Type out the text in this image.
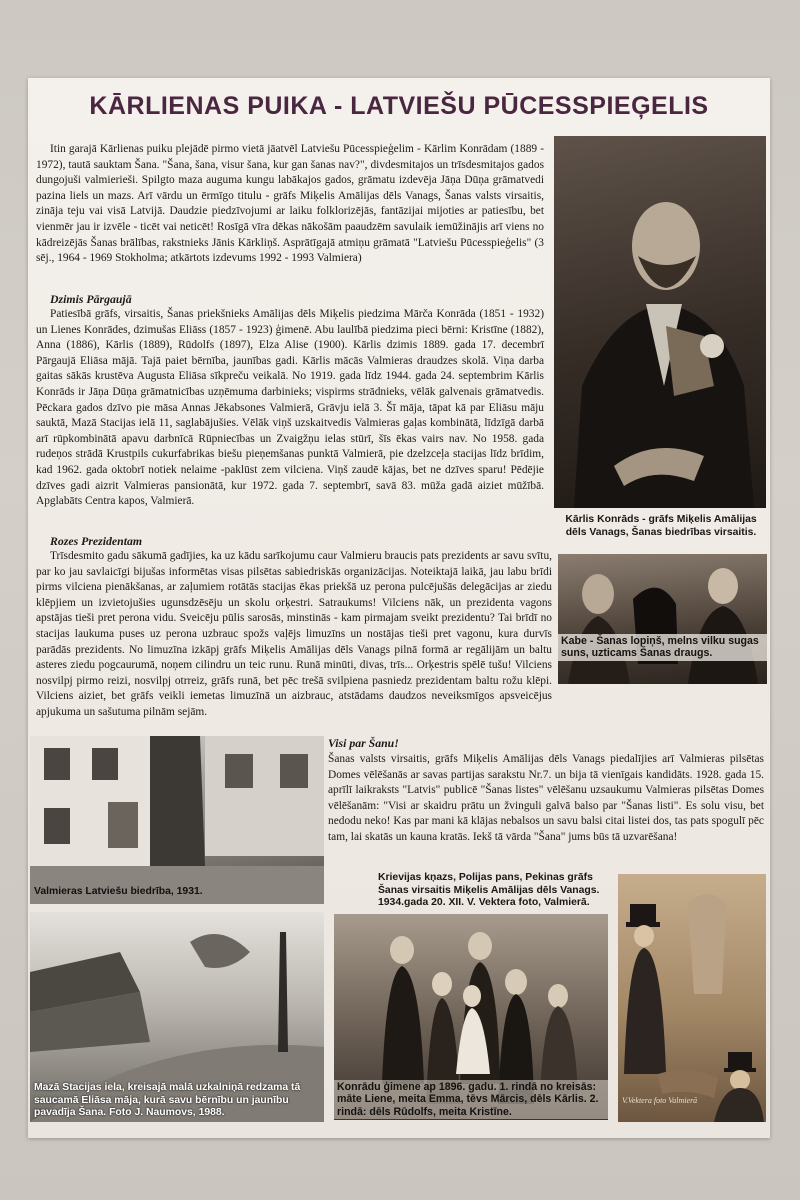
KĀRLIENAS PUIKA - LATVIEŠU PŪCESSPIEĢELIS

Itin garajā Kārlienas puiku plejādē pirmo vietā jāatvēl Latviešu Pūcesspieģelim - Kārlim Konrādam (1889 - 1972), tautā sauktam Šana. "Šana, šana, visur šana, kur gan šanas nav?", divdesmitajos un trīsdesmitajos gados dungojuši valmierieši. Spilgto maza auguma kungu labākajos gados, grāmatu izdevēja Jāņa Dūņa grāmatvedi pazina liels un mazs. Arī vārdu un ērmīgo titulu - grāfs Miķelis Amālijas dēls Vanags, Šanas valsts virsaitis, zināja teju vai visā Latvijā. Daudzie piedzīvojumi ar laiku folklorizējās, fantāzijai mijoties ar patiesību, bet vienmēr jau ir izvēle - ticēt vai neticēt! Rosīgā vīra dēkas nākošām paaudzēm savulaik iemūžinājis arī viens no kādreizējās Šanas brālības, rakstnieks Jānis Kārkliņš. Asprātīgajā atmiņu grāmatā "Latviešu Pūcesspieģelis" (3 sēj., 1964 - 1969 Stokholma; atkārtots izdevums 1992 - 1993 Valmiera)

Kārlis Konrāds - grāfs Miķelis Amālijas dēls Vanags, Šanas biedrības virsaitis.
Dzimis Pārgaujā

Patiesībā grāfs, virsaitis, Šanas priekšnieks Amālijas dēls Miķelis piedzima Mārča Konrāda (1851 - 1932) un Lienes Konrādes, dzimušas Eliāss (1857 - 1923) ģimenē. Abu laulībā piedzima pieci bērni: Kristīne (1882), Anna (1886), Kārlis (1889), Rūdolfs (1897), Elza Alise (1900). Kārlis dzimis 1889. gada 17. decembrī Pārgaujā Eliāsa mājā. Tajā paiet bērnība, jaunības gadi. Kārlis mācās Valmieras draudzes skolā. Viņa darba gaitas sākās krustēva Augusta Eliāsa sīkpreču veikalā. No 1919. gada līdz 1944. gada 24. septembrim Kārlis Konrāds ir Jāņa Dūņa grāmatnicības uzņēmuma darbinieks; vispirms strādnieks, vēlāk galvenais grāmatvedis. Pēckara gados dzīvo pie māsa Annas Jēkabsones Valmierā, Grāvju ielā 3. Šī māja, tāpat kā par Eliāsu māju sauktā, Mazā Stacijas ielā 11, saglabājušies. Vēlāk viņš uzskaitvedis Valmieras gaļas kombinātā, līdzīgā darbā arī rūpkombinātā apavu darbnīcā Rūpniecības un Zvaigžņu ielas stūrī, šīs ēkas vairs nav. No 1958. gada rudeņos strādā Krustpils cukurfabrikas biešu pieņemšanas punktā Valmierā, pie dzelzceļa stacijas līdz brīdim, kad 1962. gada oktobrī notiek nelaime -paklūst zem vilciena. Viņš zaudē kājas, bet ne dzīves sparu! Pēdējie dzīves gadi aizrit Valmieras pansionātā, kur 1972. gada 7. septembrī, savā 83. mūža gadā aiziet mūžībā. Apglabāts Centra kapos, Valmierā.

Rozes Prezidentam

Trīsdesmito gadu sākumā gadījies, ka uz kādu sarīkojumu caur Valmieru braucis pats prezidents ar savu svītu, par ko jau savlaicīgi bijušas informētas visas pilsētas sabiedriskās organizācijas. Noteiktajā laikā, jau labu brīdi pirms vilciena pienākšanas, ar zaļumiem rotātās stacijas ēkas priekšā uz perona pulcējušās delegācijas ar ziedu klēpjiem un izvietojušies ugunsdzēsēju un skolu orķestri. Satraukums! Vilciens nāk, un prezidenta vagons apstājas tieši pret perona vidu. Sveicēju pūlis sarosās, minstinās - kam pirmajam sveikt prezidentu? Tai brīdī no stacijas laukuma puses uz perona uzbrauc spožs vaļējs limuzīns un nostājas tieši pret vagonu, kura durvīs parādās prezidents. No limuzīna izkāpj grāfs Miķelis Amālijas dēls Vanags pilnā formā ar regālijām un baltu asteres ziedu pogcaurumā, noņem cilindru un teic runu. Runā minūti, divas, trīs... Orķestris spēlē tušu! Vilciens nosvilpj pirmo reizi, nosvilpj otrreiz, grāfs runā, bet pēc trešā svilpiena pasniedz prezidentam baltu rožu klēpi. Vilciens aiziet, bet grāfs veikli iemetas limuzīnā un aizbrauc, atstādams daudzos neveiksmīgos apsveicējus apjukuma un sašutuma pilnām sejām.

Kabe - Šanas lopiņš, melns vilku sugas suns, uzticams Šanas draugs.
Valmieras Latviešu biedrība, 1931.
Visi par Šanu!

Šanas valsts virsaitis, grāfs Miķelis Amālijas dēls Vanags piedalījies arī Valmieras pilsētas Domes vēlēšanās ar savas partijas sarakstu Nr.7. un bija tā vienīgais kandidāts. 1928. gada 15. aprīlī laikraksts "Latvis" publicē "Šanas listes" vēlēšanu uzsaukumu Valmieras pilsētas Domes vēlēšanām: "Visi ar skaidru prātu un žvinguli galvā balso par "Šanas listi". Es solu visu, bet nedodu neko! Kas par mani kā klājas nebalsos un savu balsi citai listei dos, tas pats spogulī pēc tam, lai skatās un kauna kratās. Iekš tā vārda "Šana" jums būs tā uzvarēšana!

Krievijas kņazs, Polijas pans, Pekinas grāfs Šanas virsaitis Miķelis Amālijas dēls Vanags. 1934.gada 20. XII. V. Vektera foto, Valmierā.
Mazā Stacijas iela, kreisajā malā uzkalniņā redzama tā saucamā Eliāsa māja, kurā savu bērnību un jaunību pavadīja Šana. Foto J. Naumovs, 1988.
Konrādu ģimene ap 1896. gadu. 1. rindā no kreisās: māte Liene, meita Emma, tēvs Mārcis, dēls Kārlis. 2. rindā: dēls Rūdolfs, meita Kristīne.
V.Vektera foto Valmierā
